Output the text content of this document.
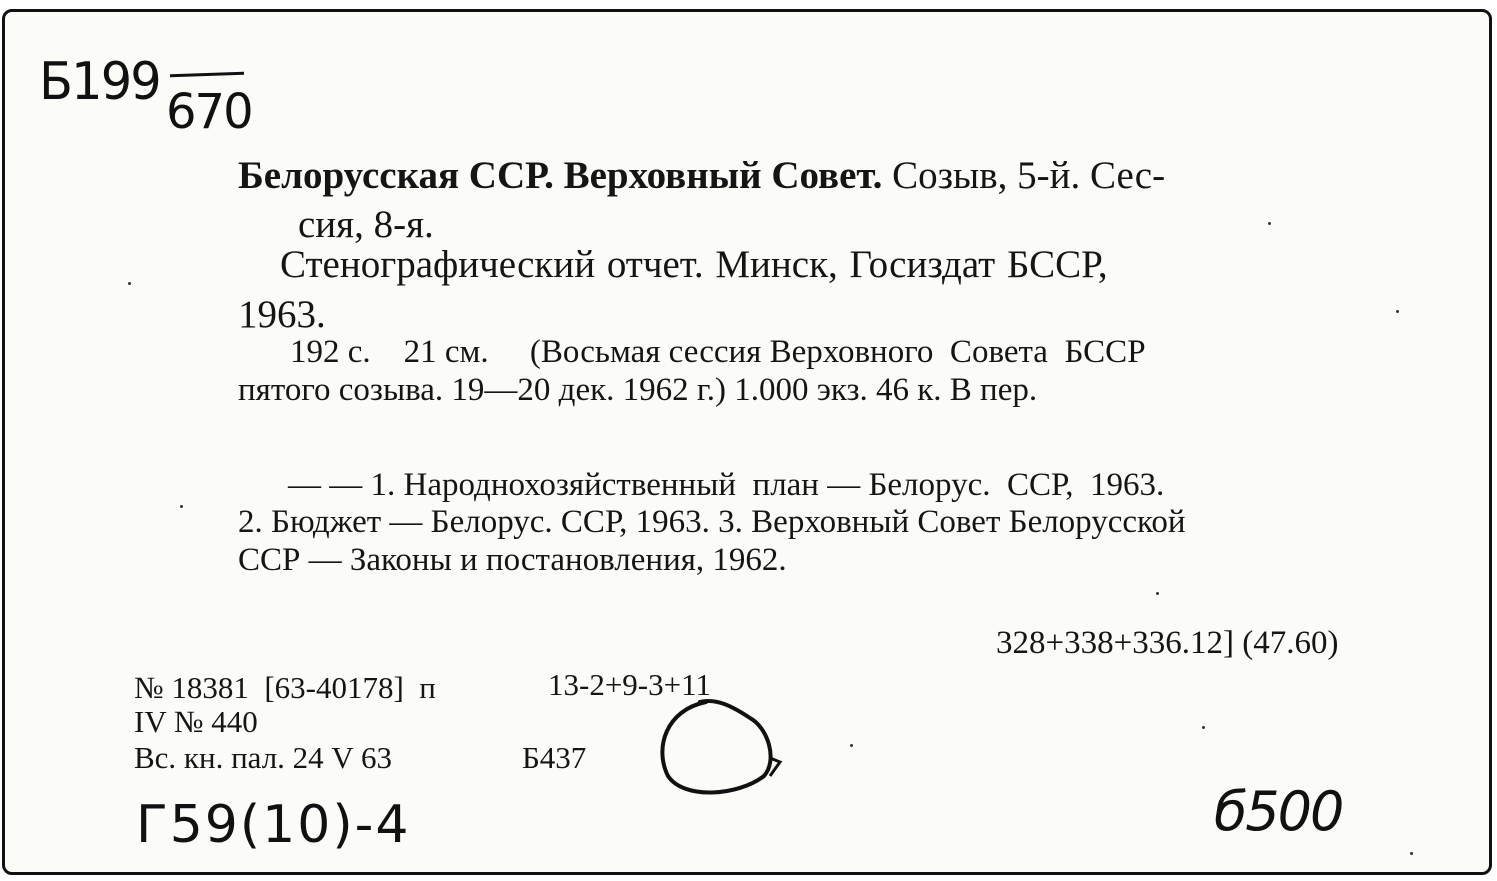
Б199 670
Белорусская ССР. Верховный Совет. Созыв, 5-й. Сес-
сия, 8-я.
Стенографический отчет. Минск, Госиздат БССР,
1963.
192 с.    21 см.     (Восьмая сессия Верховного  Совета  БССР
пятого созыва. 19—20 дек. 1962 г.) 1.000 экз. 46 к. В пер.
— — 1. Народнохозяйственный  план — Белорус.  ССР,  1963.
2. Бюджет — Белорус. ССР, 1963. 3. Верховный Совет Белорусской
ССР — Законы и постановления, 1962.
328+338+336.12] (47.60)
№ 18381  [63-40178]  п
IV № 440
Вс. кн. пал. 24 V 63
13-2+9-3+11
Б437
Г59(10)-4	б500
